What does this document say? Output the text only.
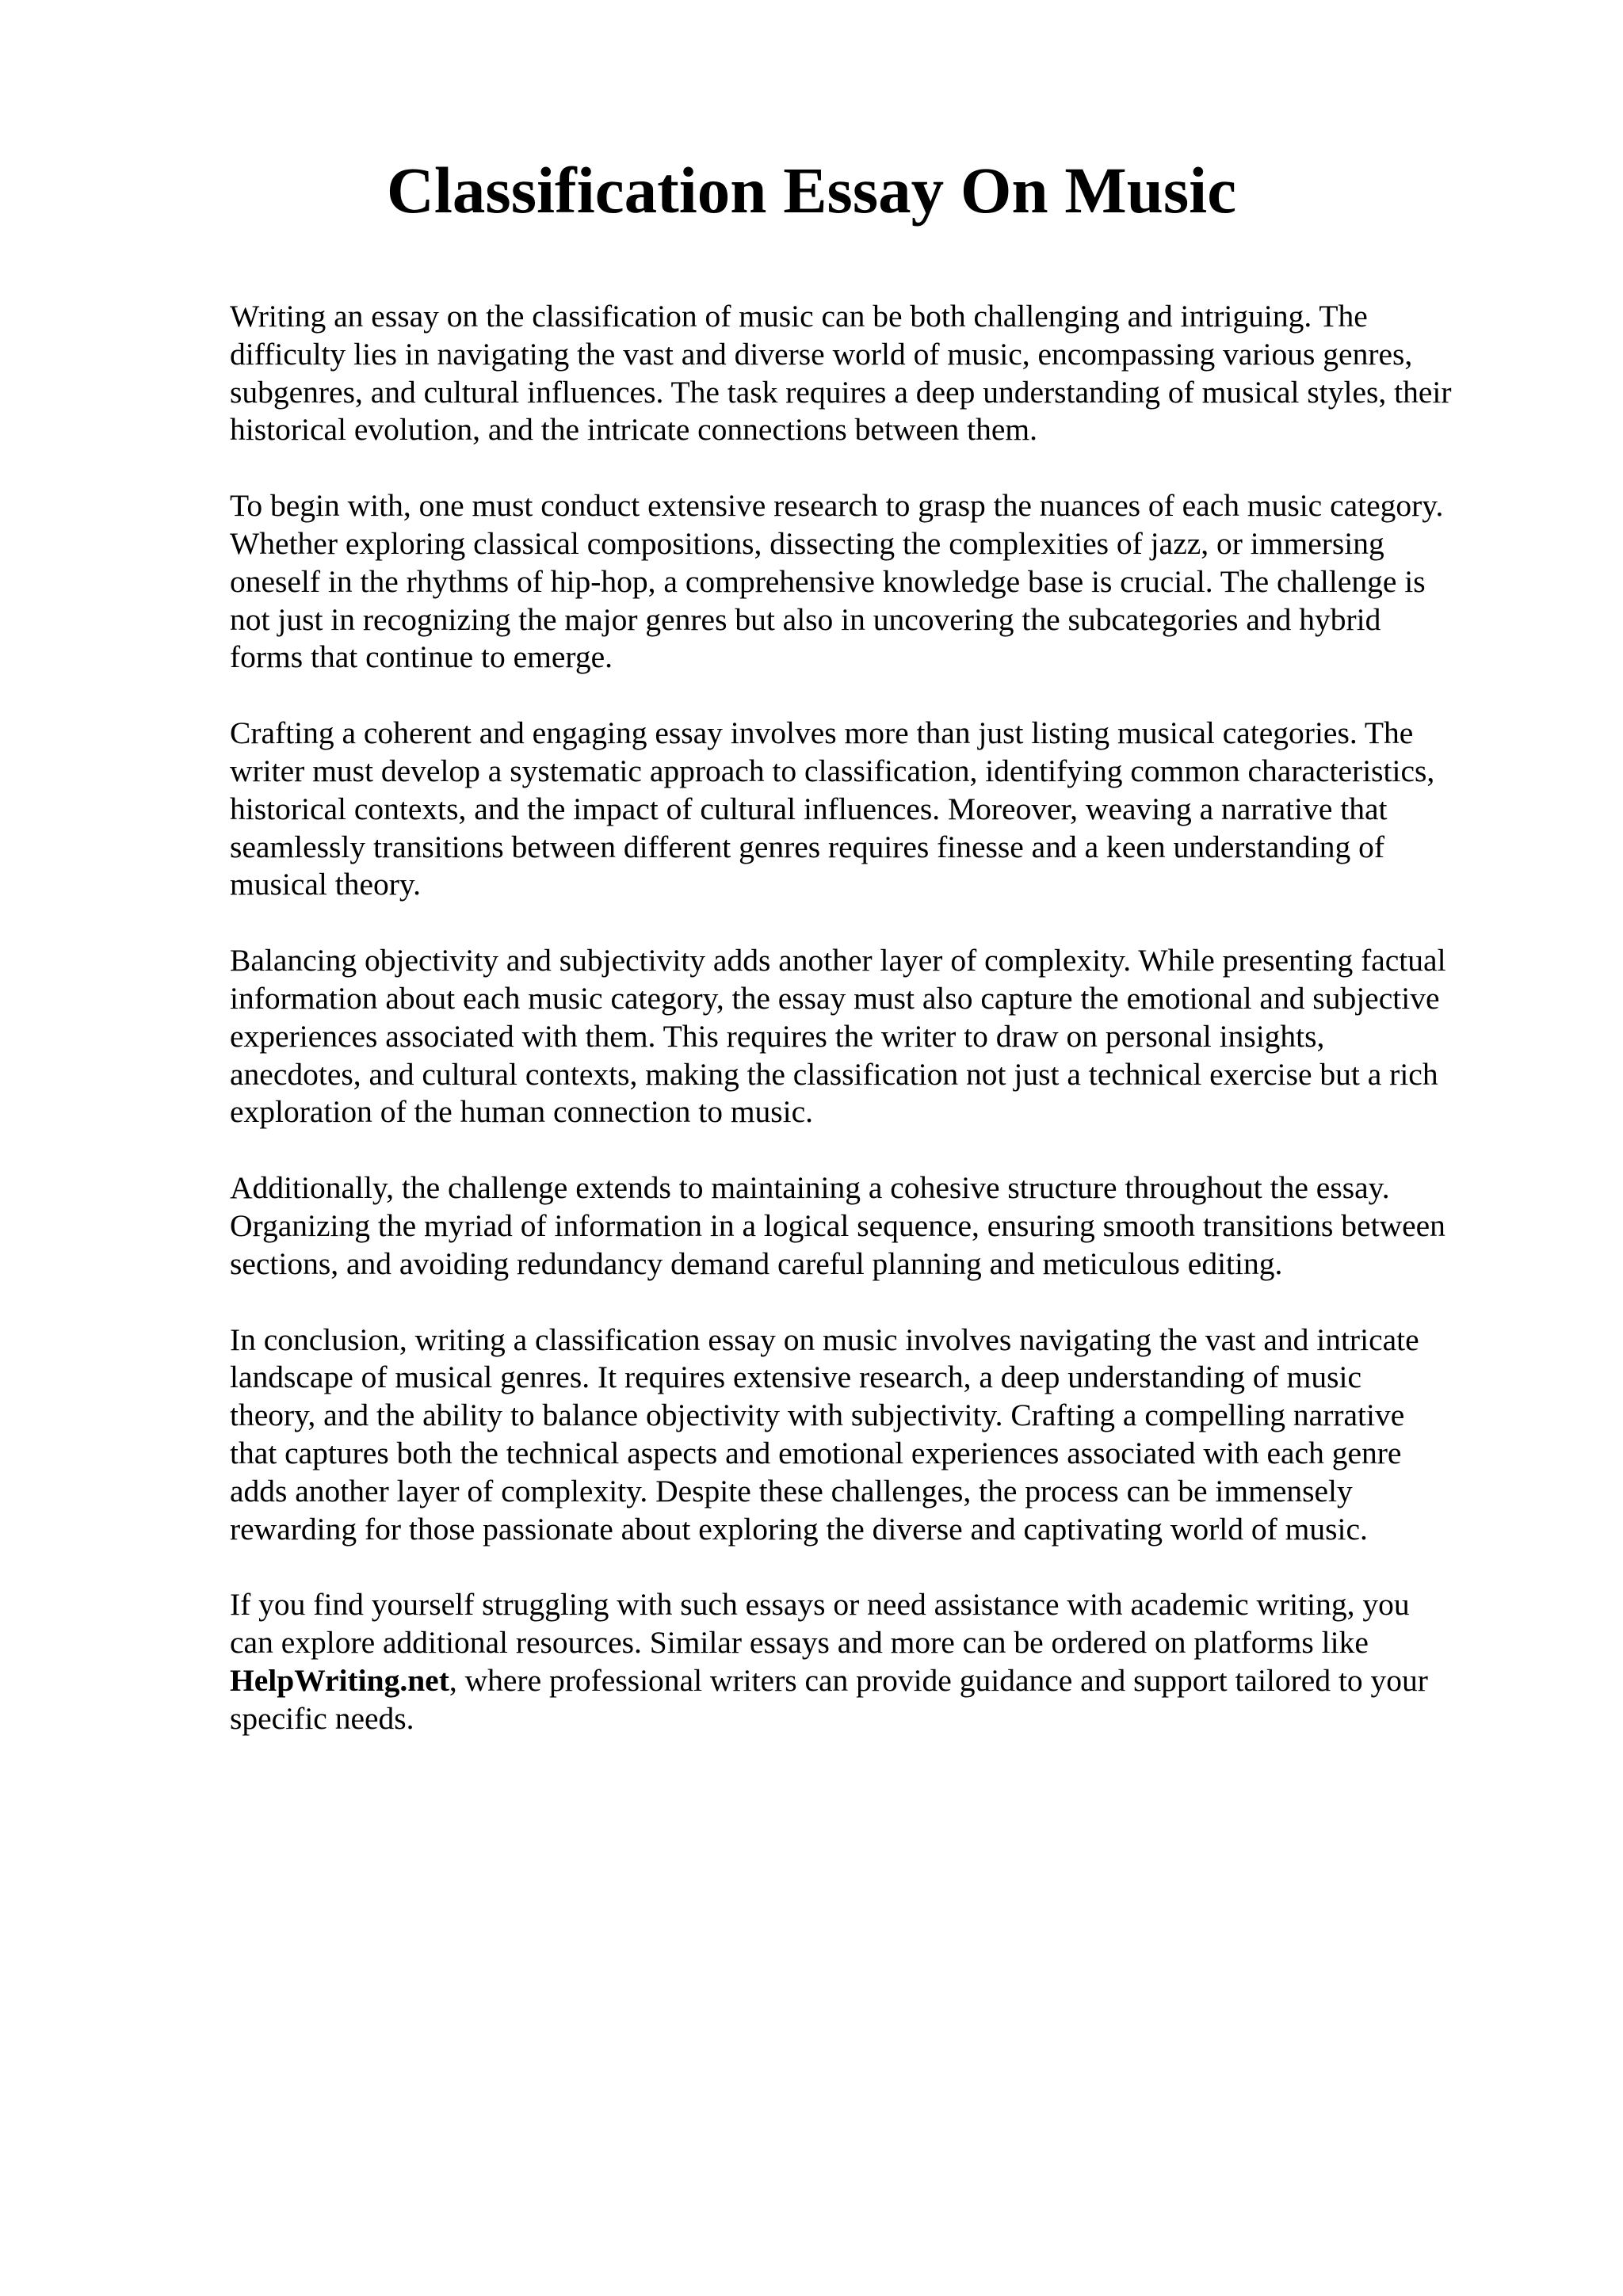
Classification Essay On Music

Writing an essay on the classification of music can be both challenging and intriguing. The
difficulty lies in navigating the vast and diverse world of music, encompassing various genres,
subgenres, and cultural influences. The task requires a deep understanding of musical styles, their
historical evolution, and the intricate connections between them.

To begin with, one must conduct extensive research to grasp the nuances of each music category.
Whether exploring classical compositions, dissecting the complexities of jazz, or immersing
oneself in the rhythms of hip-hop, a comprehensive knowledge base is crucial. The challenge is
not just in recognizing the major genres but also in uncovering the subcategories and hybrid
forms that continue to emerge.

Crafting a coherent and engaging essay involves more than just listing musical categories. The
writer must develop a systematic approach to classification, identifying common characteristics,
historical contexts, and the impact of cultural influences. Moreover, weaving a narrative that
seamlessly transitions between different genres requires finesse and a keen understanding of
musical theory.

Balancing objectivity and subjectivity adds another layer of complexity. While presenting factual
information about each music category, the essay must also capture the emotional and subjective
experiences associated with them. This requires the writer to draw on personal insights,
anecdotes, and cultural contexts, making the classification not just a technical exercise but a rich
exploration of the human connection to music.

Additionally, the challenge extends to maintaining a cohesive structure throughout the essay.
Organizing the myriad of information in a logical sequence, ensuring smooth transitions between
sections, and avoiding redundancy demand careful planning and meticulous editing.

In conclusion, writing a classification essay on music involves navigating the vast and intricate
landscape of musical genres. It requires extensive research, a deep understanding of music
theory, and the ability to balance objectivity with subjectivity. Crafting a compelling narrative
that captures both the technical aspects and emotional experiences associated with each genre
adds another layer of complexity. Despite these challenges, the process can be immensely
rewarding for those passionate about exploring the diverse and captivating world of music.

If you find yourself struggling with such essays or need assistance with academic writing, you
can explore additional resources. Similar essays and more can be ordered on platforms like
HelpWriting.net, where professional writers can provide guidance and support tailored to your
specific needs.
